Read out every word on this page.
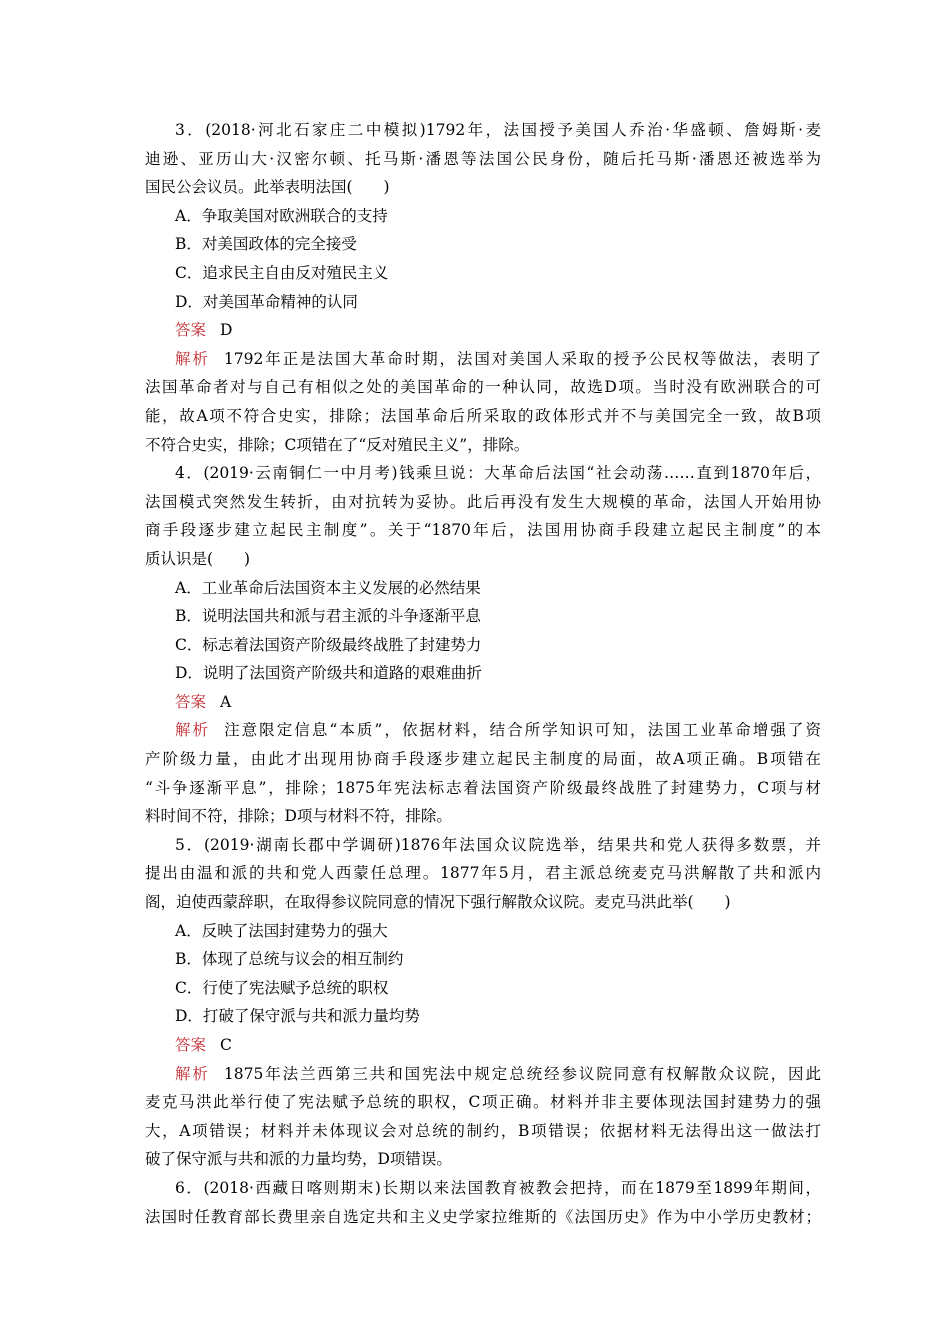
3．(2018·河北石家庄二中模拟)1792年，法国授予美国人乔治·华盛顿、詹姆斯·麦
迪逊、亚历山大·汉密尔顿、托马斯·潘恩等法国公民身份，随后托马斯·潘恩还被选举为
国民公会议员。此举表明法国(　　)
A．争取美国对欧洲联合的支持
B．对美国政体的完全接受
C．追求民主自由反对殖民主义
D．对美国革命精神的认同
答案 D
解析 1792年正是法国大革命时期，法国对美国人采取的授予公民权等做法，表明了
法国革命者对与自己有相似之处的美国革命的一种认同，故选D项。当时没有欧洲联合的可
能，故A项不符合史实，排除；法国革命后所采取的政体形式并不与美国完全一致，故B项
不符合史实，排除；C项错在了“反对殖民主义”，排除。
4．(2019·云南铜仁一中月考)钱乘旦说：大革命后法国“社会动荡……直到1870年后，
法国模式突然发生转折，由对抗转为妥协。此后再没有发生大规模的革命，法国人开始用协
商手段逐步建立起民主制度”。关于“1870年后，法国用协商手段建立起民主制度”的本
质认识是(　　)
A．工业革命后法国资本主义发展的必然结果
B．说明法国共和派与君主派的斗争逐渐平息
C．标志着法国资产阶级最终战胜了封建势力
D．说明了法国资产阶级共和道路的艰难曲折
答案 A
解析 注意限定信息“本质”，依据材料，结合所学知识可知，法国工业革命增强了资
产阶级力量，由此才出现用协商手段逐步建立起民主制度的局面，故A项正确。B项错在
“斗争逐渐平息”，排除；1875年宪法标志着法国资产阶级最终战胜了封建势力，C项与材
料时间不符，排除；D项与材料不符，排除。
5．(2019·湖南长郡中学调研)1876年法国众议院选举，结果共和党人获得多数票，并
提出由温和派的共和党人西蒙任总理。1877年5月，君主派总统麦克马洪解散了共和派内
阁，迫使西蒙辞职，在取得参议院同意的情况下强行解散众议院。麦克马洪此举(　　)
A．反映了法国封建势力的强大
B．体现了总统与议会的相互制约
C．行使了宪法赋予总统的职权
D．打破了保守派与共和派力量均势
答案 C
解析 1875年法兰西第三共和国宪法中规定总统经参议院同意有权解散众议院，因此
麦克马洪此举行使了宪法赋予总统的职权，C项正确。材料并非主要体现法国封建势力的强
大，A项错误；材料并未体现议会对总统的制约，B项错误；依据材料无法得出这一做法打
破了保守派与共和派的力量均势，D项错误。
6．(2018·西藏日喀则期末)长期以来法国教育被教会把持，而在1879至1899年期间，
法国时任教育部长费里亲自选定共和主义史学家拉维斯的《法国历史》作为中小学历史教材；
